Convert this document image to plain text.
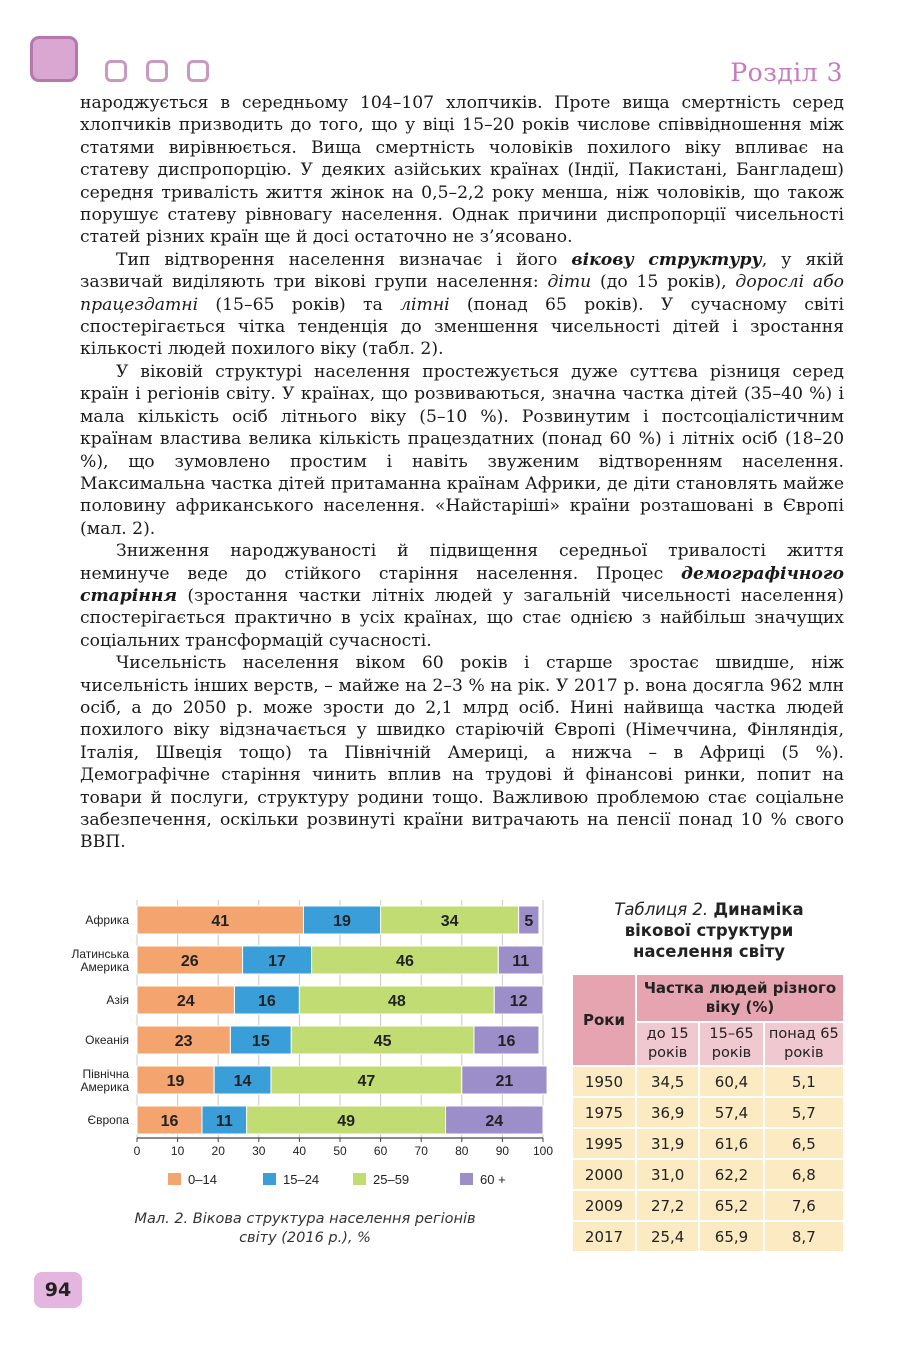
Розділ 3

народжується в середньому 104–107 хлопчиків. Проте вища смертність серед хлопчиків призводить до того, що у віці 15–20 років числове співвідношення між статями вирівнюється. Вища смертність чоловіків похилого віку впливає на статеву диспропорцію. У деяких азійських країнах (Індії, Пакистані, Бангладеш) середня тривалість життя жінок на 0,5–2,2 року менша, ніж чоловіків, що також порушує статеву рівновагу населення. Однак причини диспропорції чисельності статей різних країн ще й досі остаточно не з’ясовано.

Тип відтворення населення визначає і його вікову структуру, у якій зазвичай виділяють три вікові групи населення: діти (до 15 років), дорослі або працездатні (15–65 років) та літні (понад 65 років). У сучасному світі спостерігається чітка тенденція до зменшення чисельності дітей і зростання кількості людей похилого віку (табл. 2).

У віковій структурі населення простежується дуже суттєва різниця серед країн і регіонів світу. У країнах, що розвиваються, значна частка дітей (35–40 %) і мала кількість осіб літнього віку (5–10 %). Розвинутим і постсоціалістичним країнам властива велика кількість працездатних (понад 60 %) і літніх осіб (18–20 %), що зумовлено простим і навіть звуженим відтворенням населення. Максимальна частка дітей притаманна країнам Африки, де діти становлять майже половину африканського населення. «Найстаріші» країни розташовані в Європі (мал. 2).

Зниження народжуваності й підвищення середньої тривалості життя неминуче веде до стійкого старіння населення. Процес демографічного старіння (зростання частки літніх людей у загальній чисельності населення) спостерігається практично в усіх країнах, що стає однією з найбільш значущих соціальних трансформацій сучасності.

Чисельність населення віком 60 років і старше зростає швидше, ніж чисельність інших верств, – майже на 2–3 % на рік. У 2017 р. вона досягла 962 млн осіб, а до 2050 р. може зрости до 2,1 млрд осіб. Нині найвища частка людей похилого віку відзначається у швидко старіючій Європі (Німеччина, Фінляндія, Італія, Швеція тощо) та Північній Америці, а нижча – в Африці (5 %). Демографічне старіння чинить вплив на трудові й фінансові ринки, попит на товари й послуги, структуру родини тощо. Важливою проблемою стає соціальне забезпечення, оскільки розвинуті країни витрачають на пенсії понад 10 % свого ВВП.

41	19	34	5
Африка
26	17	46	11
Латинська Америка
24	16	48	12
Азія
23	15	45	16
Океанія
19	14	47	21
Північна Америка
16 11	49	24
Європа
0	10 20 30 40 50 60 70 80 90 100
0–14	15–24	25–59	60 +
Мал. 2. Вікова структура населення регіонів світу (2016 р.), %
Таблиця 2. Динаміка вікової структури населення світу
Роки	Частка людей різного віку (%)		
	до 15 років	15–65 років	понад 65 років
1950	34,5	60,4	5,1
1975	36,9	57,4	5,7
1995	31,9	61,6	6,5
2000	31,0	62,2	6,8
2009	27,2	65,2	7,6
2017	25,4	65,9	8,7
94
